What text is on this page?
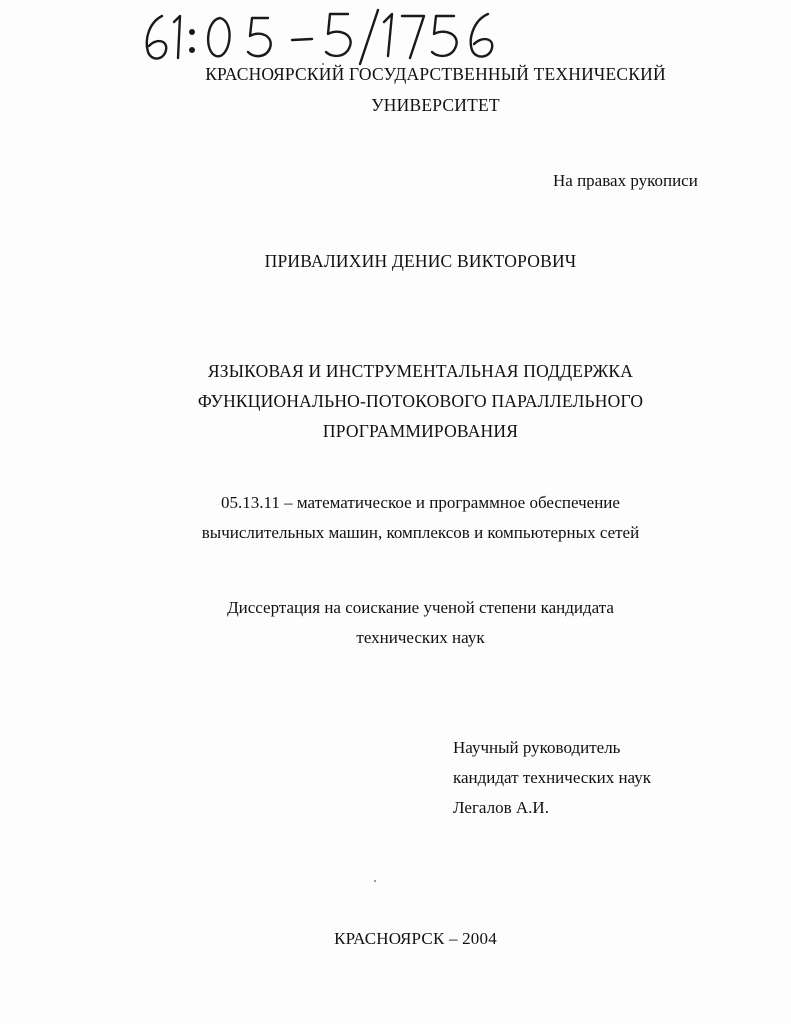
КРАСНОЯРСКИЙ ГОСУДАРСТВЕННЫЙ ТЕХНИЧЕСКИЙ
УНИВЕРСИТЕТ
На правах рукописи
ПРИВАЛИХИН ДЕНИС ВИКТОРОВИЧ
ЯЗЫКОВАЯ И ИНСТРУМЕНТАЛЬНАЯ ПОДДЕРЖКА
ФУНКЦИОНАЛЬНО-ПОТОКОВОГО ПАРАЛЛЕЛЬНОГО
ПРОГРАММИРОВАНИЯ
05.13.11 – математическое и программное обеспечение
вычислительных машин, комплексов и компьютерных сетей
Диссертация на соискание ученой степени кандидата
технических наук
Научный руководитель
кандидат технических наук
Легалов А.И.
КРАСНОЯРСК – 2004
